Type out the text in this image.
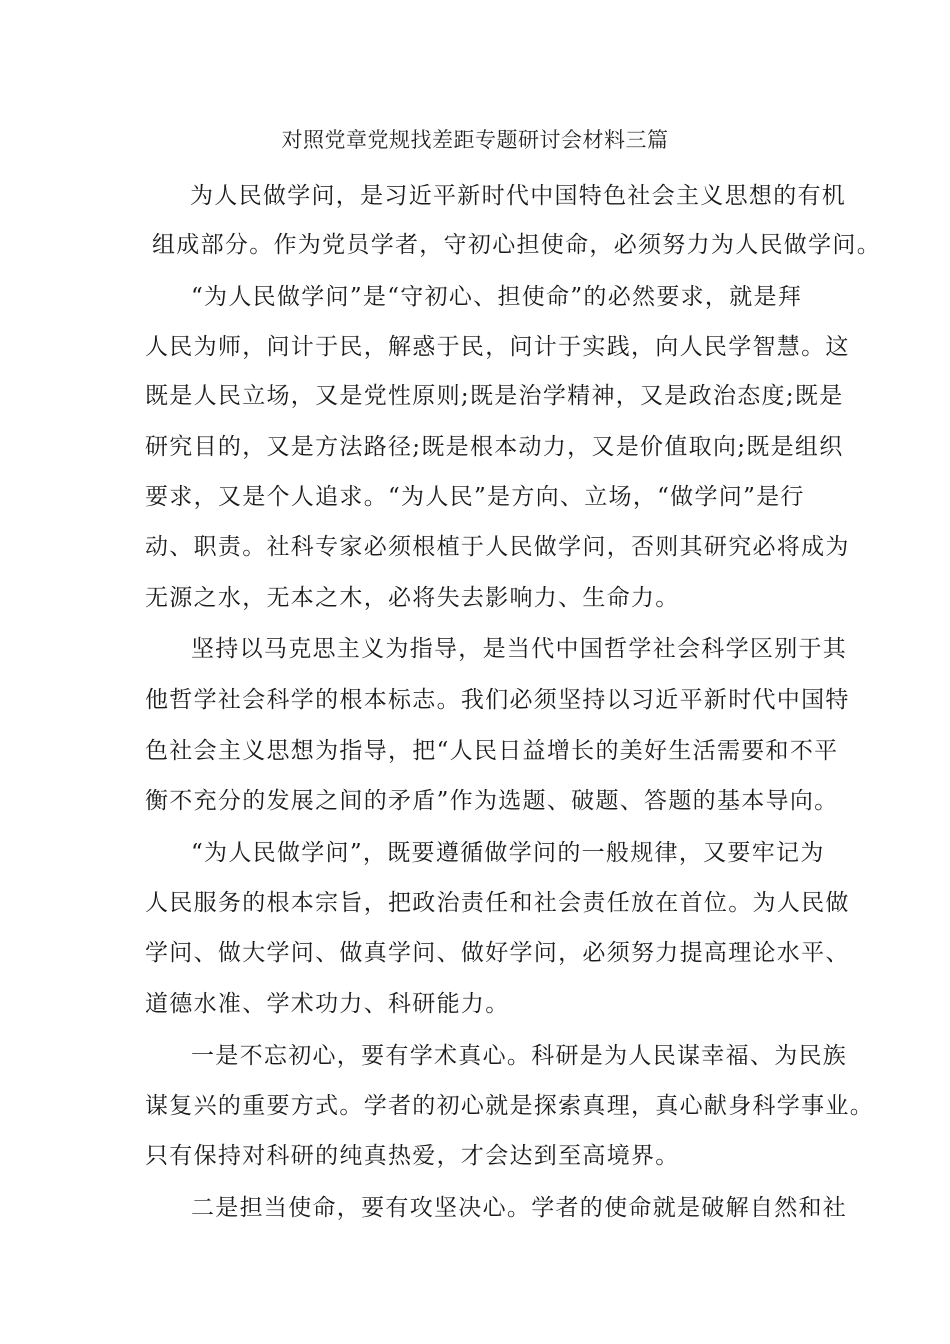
对照党章党规找差距专题研讨会材料三篇
为人民做学问，是习近平新时代中国特色社会主义思想的有机
组成部分。作为党员学者，守初心担使命，必须努力为人民做学问。
“为人民做学问”是“守初心、担使命”的必然要求，就是拜
人民为师，问计于民，解惑于民，问计于实践，向人民学智慧。这
既是人民立场，又是党性原则;既是治学精神，又是政治态度;既是
研究目的，又是方法路径;既是根本动力，又是价值取向;既是组织
要求，又是个人追求。“为人民”是方向、立场，“做学问”是行
动、职责。社科专家必须根植于人民做学问，否则其研究必将成为
无源之水，无本之木，必将失去影响力、生命力。
坚持以马克思主义为指导，是当代中国哲学社会科学区别于其
他哲学社会科学的根本标志。我们必须坚持以习近平新时代中国特
色社会主义思想为指导，把“人民日益增长的美好生活需要和不平
衡不充分的发展之间的矛盾”作为选题、破题、答题的基本导向。
“为人民做学问”，既要遵循做学问的一般规律，又要牢记为
人民服务的根本宗旨，把政治责任和社会责任放在首位。为人民做
学问、做大学问、做真学问、做好学问，必须努力提高理论水平、
道德水准、学术功力、科研能力。
一是不忘初心，要有学术真心。科研是为人民谋幸福、为民族
谋复兴的重要方式。学者的初心就是探索真理，真心献身科学事业。
只有保持对科研的纯真热爱，才会达到至高境界。
二是担当使命，要有攻坚决心。学者的使命就是破解自然和社
